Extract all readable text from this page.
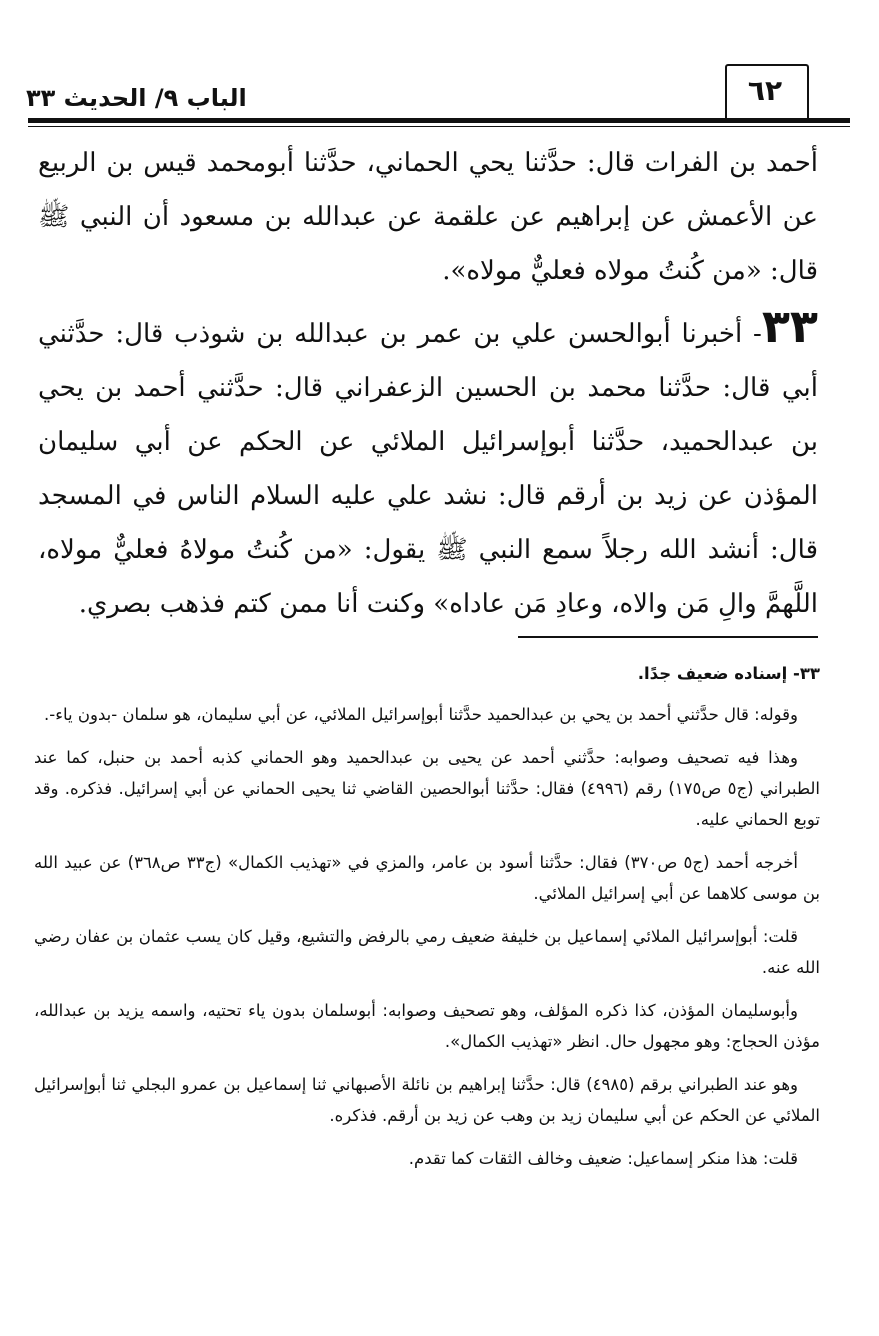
الباب ٩/ الحديث ٣٣	٦٢

أحمد بن الفرات قال: حدَّثنا يحي الحماني، حدَّثنا أبومحمد قيس بن الربيع عن الأعمش عن إبراهيم عن علقمة عن عبدالله بن مسعود أن النبي ﷺ قال: «من كُنتُ مولاه فعليٌّ مولاه».

٣٣- أخبرنا أبوالحسن علي بن عمر بن عبدالله بن شوذب قال: حدَّثني أبي قال: حدَّثنا محمد بن الحسين الزعفراني قال: حدَّثني أحمد بن يحي بن عبدالحميد، حدَّثنا أبوإسرائيل الملائي عن الحكم عن أبي سليمان المؤذن عن زيد بن أرقم قال: نشد علي عليه السلام الناس في المسجد قال: أنشد الله رجلاً سمع النبي ﷺ يقول: «من كُنتُ مولاهُ فعليٌّ مولاه، اللَّهمَّ والِ مَن والاه، وعادِ مَن عاداه» وكنت أنا ممن كتم فذهب بصري.

٣٣- إسناده ضعيف جدًا.

وقوله: قال حدَّثني أحمد بن يحي بن عبدالحميد حدَّثنا أبوإسرائيل الملائي، عن أبي سليمان، هو سلمان -بدون ياء-.

وهذا فيه تصحيف وصوابه: حدَّثني أحمد عن يحيى بن عبدالحميد وهو الحماني كذبه أحمد بن حنبل، كما عند الطبراني (ج٥ ص١٧٥) رقم (٤٩٩٦) فقال: حدَّثنا أبوالحصين القاضي ثنا يحيى الحماني عن أبي إسرائيل. فذكره. وقد توبع الحماني عليه.

أخرجه أحمد (ج٥ ص٣٧٠) فقال: حدَّثنا أسود بن عامر، والمزي في «تهذيب الكمال» (ج٣٣ ص٣٦٨) عن عبيد الله بن موسى كلاهما عن أبي إسرائيل الملائي.

قلت: أبوإسرائيل الملائي إسماعيل بن خليفة ضعيف رمي بالرفض والتشيع، وقيل كان يسب عثمان بن عفان رضي الله عنه.

وأبوسليمان المؤذن، كذا ذكره المؤلف، وهو تصحيف وصوابه: أبوسلمان بدون ياء تحتيه، واسمه يزيد بن عبدالله، مؤذن الحجاج: وهو مجهول حال. انظر «تهذيب الكمال».

وهو عند الطبراني برقم (٤٩٨٥) قال: حدَّثنا إبراهيم بن نائلة الأصبهاني ثنا إسماعيل بن عمرو البجلي ثنا أبوإسرائيل الملائي عن الحكم عن أبي سليمان زيد بن وهب عن زيد بن أرقم. فذكره.

قلت: هذا منكر إسماعيل: ضعيف وخالف الثقات كما تقدم.
